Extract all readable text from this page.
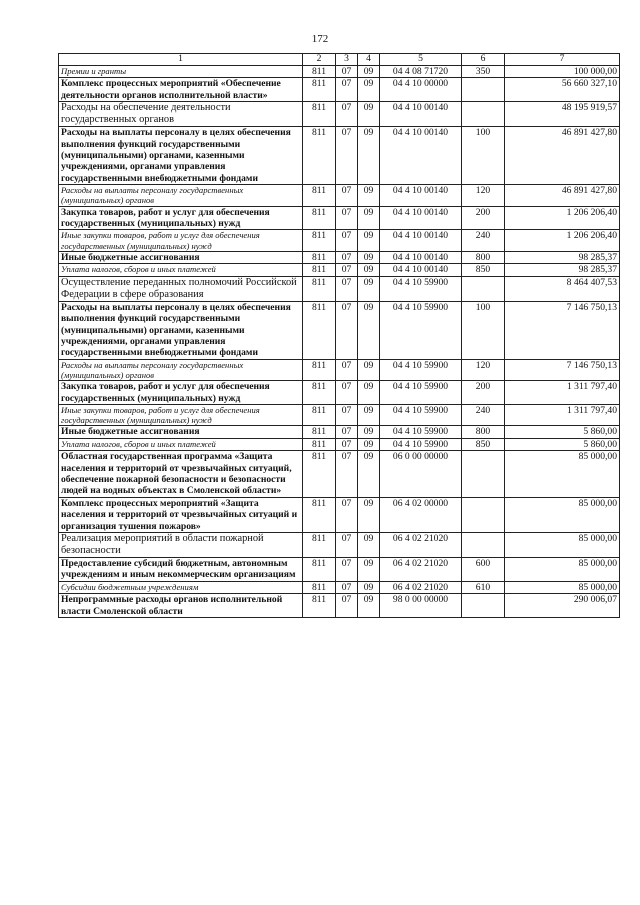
172
1	2	3	4	5	6	7
Премии и гранты	811	07	09	04 4 08 71720	350	100 000,00
Комплекс процессных мероприятий «Обеспечение деятельности органов исполнительной власти»	811	07	09	04 4 10 00000		56 660 327,10
Расходы на обеспечение деятельности государственных органов	811	07	09	04 4 10 00140		48 195 919,57
Расходы на выплаты персоналу в целях обеспечения выполнения функций государственными (муниципальными) органами, казенными учреждениями, органами управления государственными внебюджетными фондами	811	07	09	04 4 10 00140	100	46 891 427,80
Расходы на выплаты персоналу государственных (муниципальных) органов	811	07	09	04 4 10 00140	120	46 891 427,80
Закупка товаров, работ и услуг для обеспечения государственных (муниципальных) нужд	811	07	09	04 4 10 00140	200	1 206 206,40
Иные закупки товаров, работ и услуг для обеспечения государственных (муниципальных) нужд	811	07	09	04 4 10 00140	240	1 206 206,40
Иные бюджетные ассигнования	811	07	09	04 4 10 00140	800	98 285,37
Уплата налогов, сборов и иных платежей	811	07	09	04 4 10 00140	850	98 285,37
Осуществление переданных полномочий Российской Федерации в сфере образования	811	07	09	04 4 10 59900		8 464 407,53
Расходы на выплаты персоналу в целях обеспечения выполнения функций государственными (муниципальными) органами, казенными учреждениями, органами управления государственными внебюджетными фондами	811	07	09	04 4 10 59900	100	7 146 750,13
Расходы на выплаты персоналу государственных (муниципальных) органов	811	07	09	04 4 10 59900	120	7 146 750,13
Закупка товаров, работ и услуг для обеспечения государственных (муниципальных) нужд	811	07	09	04 4 10 59900	200	1 311 797,40
Иные закупки товаров, работ и услуг для обеспечения государственных (муниципальных) нужд	811	07	09	04 4 10 59900	240	1 311 797,40
Иные бюджетные ассигнования	811	07	09	04 4 10 59900	800	5 860,00
Уплата налогов, сборов и иных платежей	811	07	09	04 4 10 59900	850	5 860,00
Областная государственная программа «Защита населения и территорий от чрезвычайных ситуаций, обеспечение пожарной безопасности и безопасности людей на водных объектах в Смоленской области»	811	07	09	06 0 00 00000		85 000,00
Комплекс процессных мероприятий «Защита населения и территорий от чрезвычайных ситуаций и организация тушения пожаров»	811	07	09	06 4 02 00000		85 000,00
Реализация мероприятий в области пожарной безопасности	811	07	09	06 4 02 21020		85 000,00
Предоставление субсидий бюджетным, автономным учреждениям и иным некоммерческим организациям	811	07	09	06 4 02 21020	600	85 000,00
Субсидии бюджетным учреждениям	811	07	09	06 4 02 21020	610	85 000,00
Непрограммные расходы органов исполнительной власти Смоленской области	811	07	09	98 0 00 00000		290 006,07
